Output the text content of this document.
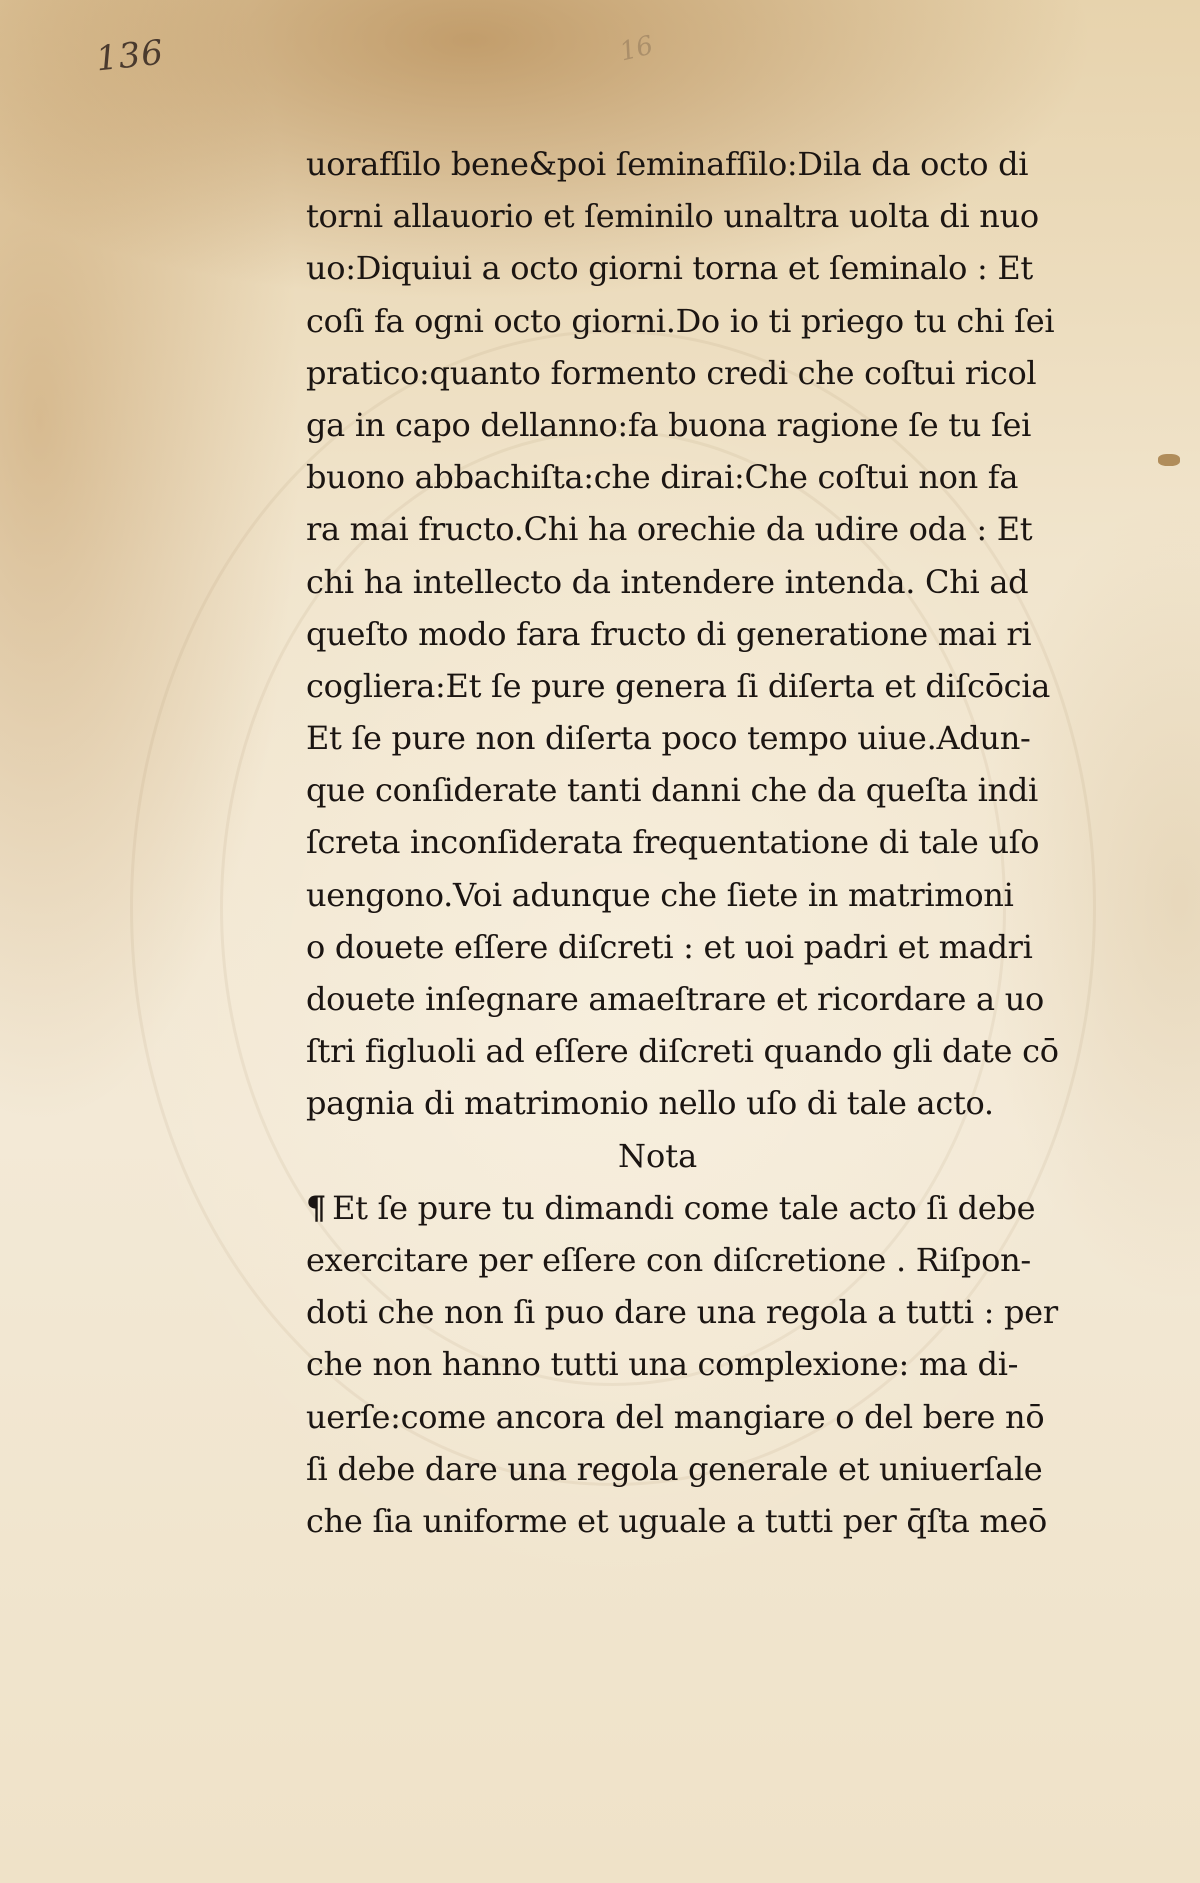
136	16
uorafſilo bene&poi ſeminafſilo:Dila da octo di
torni allauorio et ſeminilo unaltra uolta di nuo
uo:Diquiui a octo giorni torna et ſeminalo : Et
coſi fa ogni octo giorni.Do io ti priego tu chi ſei
pratico:quanto formento credi che coſtui ricol
ga in capo dellanno:fa buona ragione ſe tu ſei
buono abbachiſta:che dirai:Che coſtui non fa
ra mai fructo.Chi ha orechie da udire oda : Et
chi ha intellecto da intendere intenda. Chi ad
queſto modo fara fructo di generatione mai ri
cogliera:Et ſe pure genera ſi diſerta et diſcōcia
Et ſe pure non diſerta poco tempo uiue.Adun-
que conſiderate tanti danni che da queſta indi
ſcreta inconſiderata frequentatione di tale uſo
uengono.Voi adunque che ſiete in matrimoni
o douete eſſere diſcreti : et uoi padri et madri
douete inſegnare amaeſtrare et ricordare a uo
ſtri figluoli ad eſſere diſcreti quando gli date cō
pagnia di matrimonio nello uſo di tale acto.
Nota
¶ Et ſe pure tu dimandi come tale acto ſi debe
exercitare per eſſere con diſcretione . Riſpon-
doti che non ſi puo dare una regola a tutti : per
che non hanno tutti una complexione: ma di-
uerſe:come ancora del mangiare o del bere nō
ſi debe dare una regola generale et uniuerſale
che ſia uniforme et uguale a tutti per q̄ſta meō
